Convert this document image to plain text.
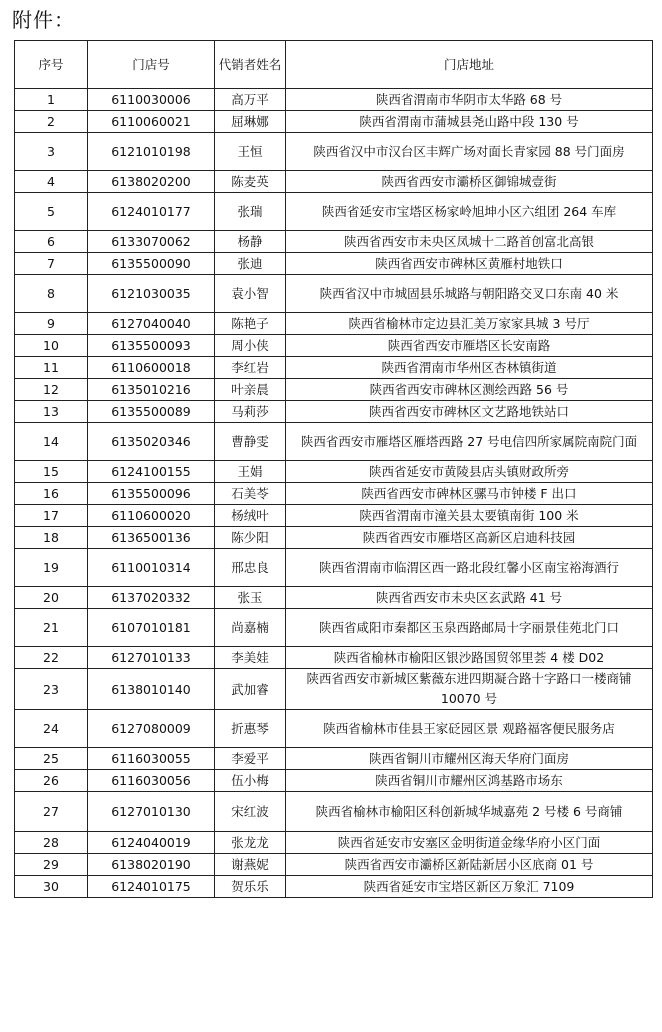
附件：
序号	门店号	代销者姓名	门店地址
1	6110030006	高万平	陕西省渭南市华阴市太华路 68 号
2	6110060021	屈琳娜	陕西省渭南市蒲城县尧山路中段 130 号
3	6121010198	王恒	陕西省汉中市汉台区丰辉广场对面长青家园 88 号门面房
4	6138020200	陈麦英	陕西省西安市灞桥区御锦城壹街
5	6124010177	张瑞	陕西省延安市宝塔区杨家岭旭坤小区六组团 264 车库
6	6133070062	杨静	陕西省西安市未央区凤城十二路首创富北高银
7	6135500090	张迪	陕西省西安市碑林区黄雁村地铁口
8	6121030035	袁小智	陕西省汉中市城固县乐城路与朝阳路交叉口东南 40 米
9	6127040040	陈艳子	陕西省榆林市定边县汇美万家家具城 3 号厅
10	6135500093	周小侠	陕西省西安市雁塔区长安南路
11	6110600018	李红岩	陕西省渭南市华州区杏林镇街道
12	6135010216	叶亲晨	陕西省西安市碑林区测绘西路 56 号
13	6135500089	马莉莎	陕西省西安市碑林区文艺路地铁站口
14	6135020346	曹静雯	陕西省西安市雁塔区雁塔西路 27 号电信四所家属院南院门面
15	6124100155	王娟	陕西省延安市黄陵县店头镇财政所旁
16	6135500096	石美苓	陕西省西安市碑林区骡马市钟楼 F 出口
17	6110600020	杨绒叶	陕西省渭南市潼关县太要镇南街 100 米
18	6136500136	陈少阳	陕西省西安市雁塔区高新区启迪科技园
19	6110010314	邢忠良	陕西省渭南市临渭区西一路北段红馨小区南宝裕海酒行
20	6137020332	张玉	陕西省西安市未央区玄武路 41 号
21	6107010181	尚嘉楠	陕西省咸阳市秦都区玉泉西路邮局十字丽景佳苑北门口
22	6127010133	李美娃	陕西省榆林市榆阳区银沙路国贸邻里荟 4 楼 D02
23	6138010140	武加睿	陕西省西安市新城区紫薇东进四期凝合路十字路口一楼商铺 10070 号
24	6127080009	折惠琴	陕西省榆林市佳县王家砭园区景 观路福客便民服务店
25	6116030055	李爱平	陕西省铜川市耀州区海天华府门面房
26	6116030056	伍小梅	陕西省铜川市耀州区鸿基路市场东
27	6127010130	宋红波	陕西省榆林市榆阳区科创新城华城嘉苑 2 号楼 6 号商铺
28	6124040019	张龙龙	陕西省延安市安塞区金明街道金缘华府小区门面
29	6138020190	谢燕妮	陕西省西安市灞桥区新陆新居小区底商 01 号
30	6124010175	贺乐乐	陕西省延安市宝塔区新区万象汇 7109
